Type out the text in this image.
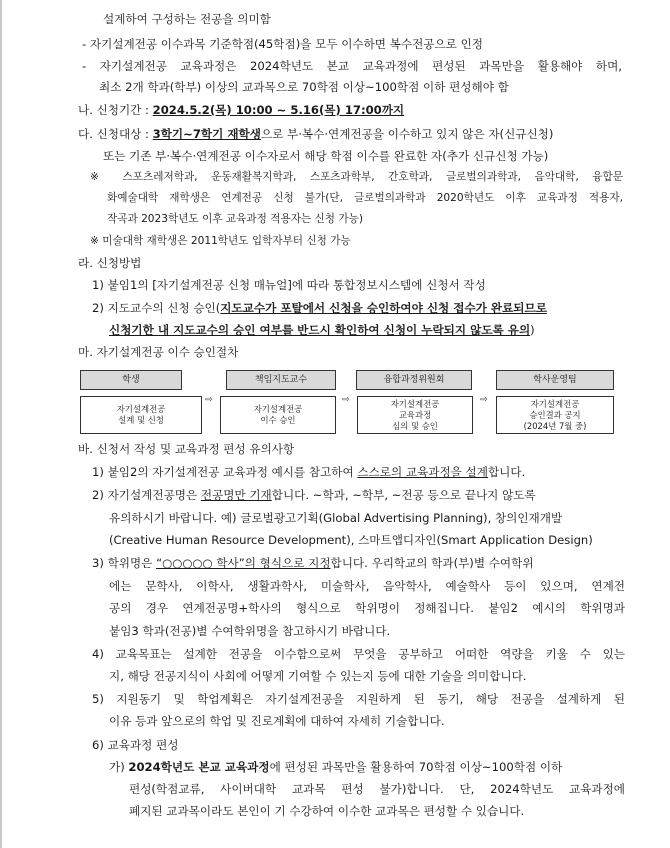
설계하여 구성하는 전공을 의미함
- 자기설계전공 이수과목 기준학점(45학점)을 모두 이수하면 복수전공으로 인정
- 자기설계전공 교육과정은 2024학년도 본교 교육과정에 편성된 과목만을 활용해야 하며,
최소 2개 학과(학부) 이상의 교과목으로 70학점 이상~100학점 이하 편성해야 함
나. 신청기간 : 2024.5.2(목) 10:00 ~ 5.16(목) 17:00까지
다. 신청대상 : 3학기~7학기 재학생으로 부·복수·연계전공을 이수하고 있지 않은 자(신규신청)
또는 기존 부·복수·연계전공 이수자로서 해당 학점 이수를 완료한 자(추가 신규신청 가능)
※ 스포츠레저학과, 운동재활복지학과, 스포츠과학부, 간호학과, 글로벌의과학과, 음악대학, 융합문
화예술대학 재학생은 연계전공 신청 불가(단, 글로벌의과학과 2020학년도 이후 교육과정 적용자,
작곡과 2023학년도 이후 교육과정 적용자는 신청 가능)
※ 미술대학 재학생은 2011학년도 입학자부터 신청 가능
라. 신청방법
1) 붙임1의 [자기설계전공 신청 매뉴얼]에 따라 통합정보시스템에 신청서 작성
2) 지도교수의 신청 승인(지도교수가 포탈에서 신청을 승인하여야 신청 접수가 완료되므로
신청기한 내 지도교수의 승인 여부를 반드시 확인하여 신청이 누락되지 않도록 유의)
마. 자기설계전공 이수 승인절차
학생	책임지도교수	융합과정위원회	학사운영팀
자기설계전공
설계 및 신청
⇨
자기설계전공
이수 승인
⇨	자기설계전공
교육과정
심의 및 승인
⇨	자기설계전공
승인결과 공지
(2024년 7월 중)
바. 신청서 작성 및 교육과정 편성 유의사항
1) 붙임2의 자기설계전공 교육과정 예시를 참고하여 스스로의 교육과정을 설계합니다.
2) 자기설계전공명은 전공명만 기재합니다. ~학과, ~학부, ~전공 등으로 끝나지 않도록
유의하시기 바랍니다. 예) 글로벌광고기획(Global Advertising Planning), 창의인재개발
(Creative Human Resource Development), 스마트앱디자인(Smart Application Design)
3) 학위명은 “○○○○○ 학사”의 형식으로 지정합니다. 우리학교의 학과(부)별 수여학위
에는 문학사, 이학사, 생활과학사, 미술학사, 음악학사, 예술학사 등이 있으며, 연계전
공의 경우 연계전공명+학사의 형식으로 학위명이 정해집니다. 붙임2 예시의 학위명과
붙임3 학과(전공)별 수여학위명을 참고하시기 바랍니다.
4) 교육목표는 설계한 전공을 이수함으로써 무엇을 공부하고 어떠한 역량을 키울 수 있는
지, 해당 전공지식이 사회에 어떻게 기여할 수 있는지 등에 대한 기술을 의미합니다.
5) 지원동기 및 학업계획은 자기설계전공을 지원하게 된 동기, 해당 전공을 설계하게 된
이유 등과 앞으로의 학업 및 진로계획에 대하여 자세히 기술합니다.
6) 교육과정 편성
가) 2024학년도 본교 교육과정에 편성된 과목만을 활용하여 70학점 이상~100학점 이하
편성(학점교류, 사이버대학 교과목 편성 불가)합니다. 단, 2024학년도 교육과정에
폐지된 교과목이라도 본인이 기 수강하여 이수한 교과목은 편성할 수 있습니다.
